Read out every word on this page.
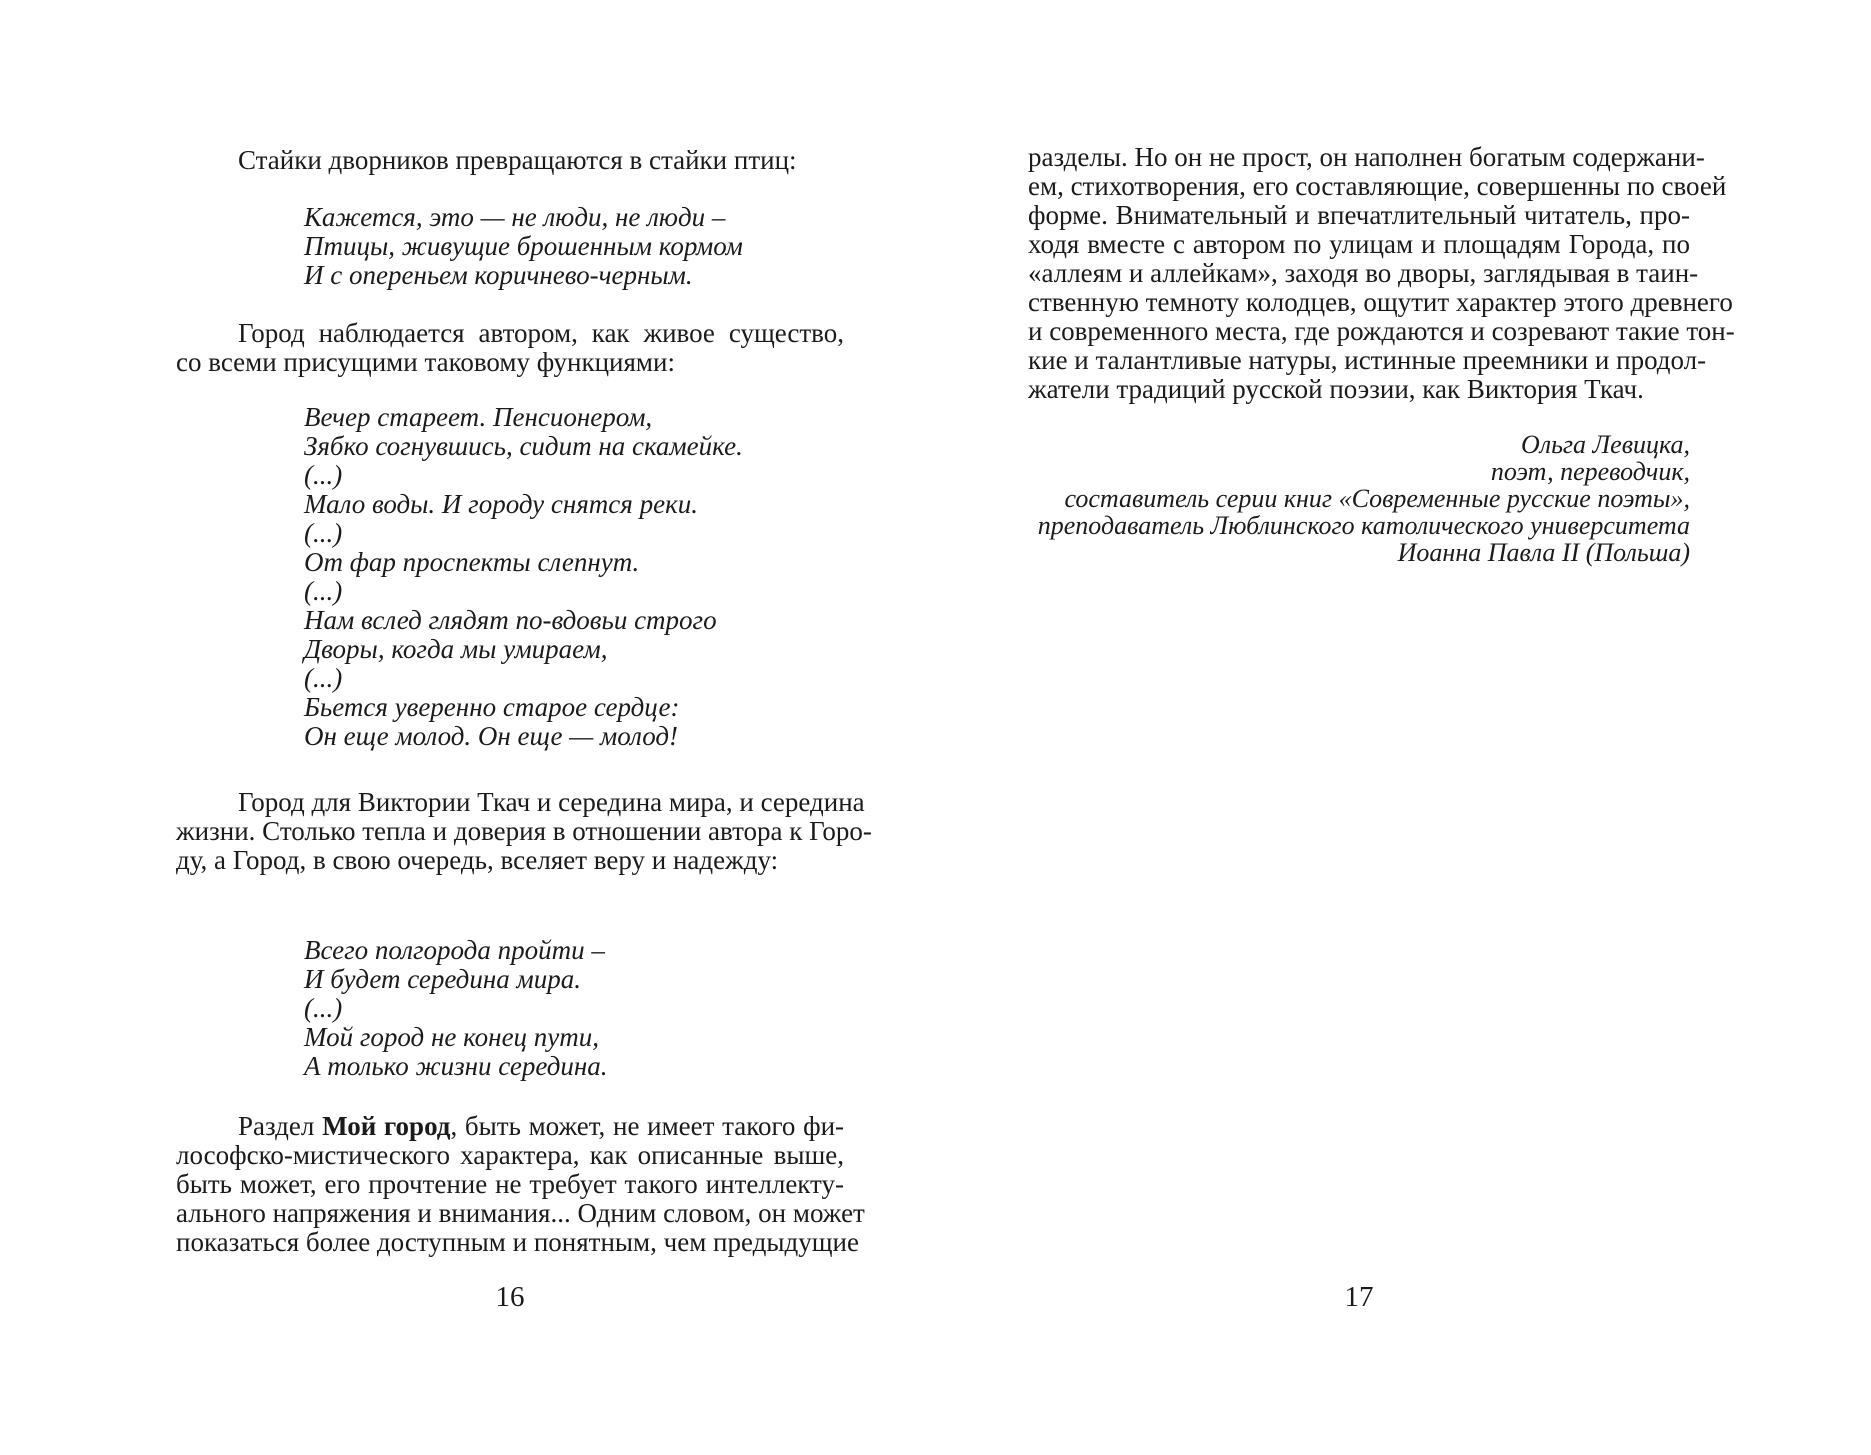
Стайки дворников превращаются в стайки птиц:
Кажется, это — не люди, не люди –
Птицы, живущие брошенным кормом
И с опереньем коричнево-черным.
Город наблюдается автором, как живое существо,
со всеми присущими таковому функциями:
Вечер стареет. Пенсионером,
Зябко согнувшись, сидит на скамейке.
(...)
Мало воды. И городу снятся реки.
(...)
От фар проспекты слепнут.
(...)
Нам вслед глядят по-вдовьи строго
Дворы, когда мы умираем,
(...)
Бьется уверенно старое сердце:
Он еще молод. Он еще — молод!
Город для Виктории Ткач и середина мира, и середина
жизни. Столько тепла и доверия в отношении автора к Горо-
ду, а Город, в свою очередь, вселяет веру и надежду:
Всего полгорода пройти –
И будет середина мира.
(...)
Мой город не конец пути,
А только жизни середина.
Раздел Мой город, быть может, не имеет такого фи-
лософско-мистического характера, как описанные выше,
быть может, его прочтение не требует такого интеллекту-
ального напряжения и внимания... Одним словом, он может
показаться более доступным и понятным, чем предыдущие
16
разделы. Но он не прост, он наполнен богатым содержани-
ем, стихотворения, его составляющие, совершенны по своей
форме. Внимательный и впечатлительный читатель, про-
ходя вместе с автором по улицам и площадям Города, по
«аллеям и аллейкам», заходя во дворы, заглядывая в таин-
ственную темноту колодцев, ощутит характер этого древнего
и современного места, где рождаются и созревают такие тон-
кие и талантливые натуры, истинные преемники и продол-
жатели традиций русской поэзии, как Виктория Ткач.
Ольга Левицка,
поэт, переводчик,
составитель серии книг «Современные русские поэты»,
преподаватель Люблинского католического университета
Иоанна Павла II (Польша)
17
